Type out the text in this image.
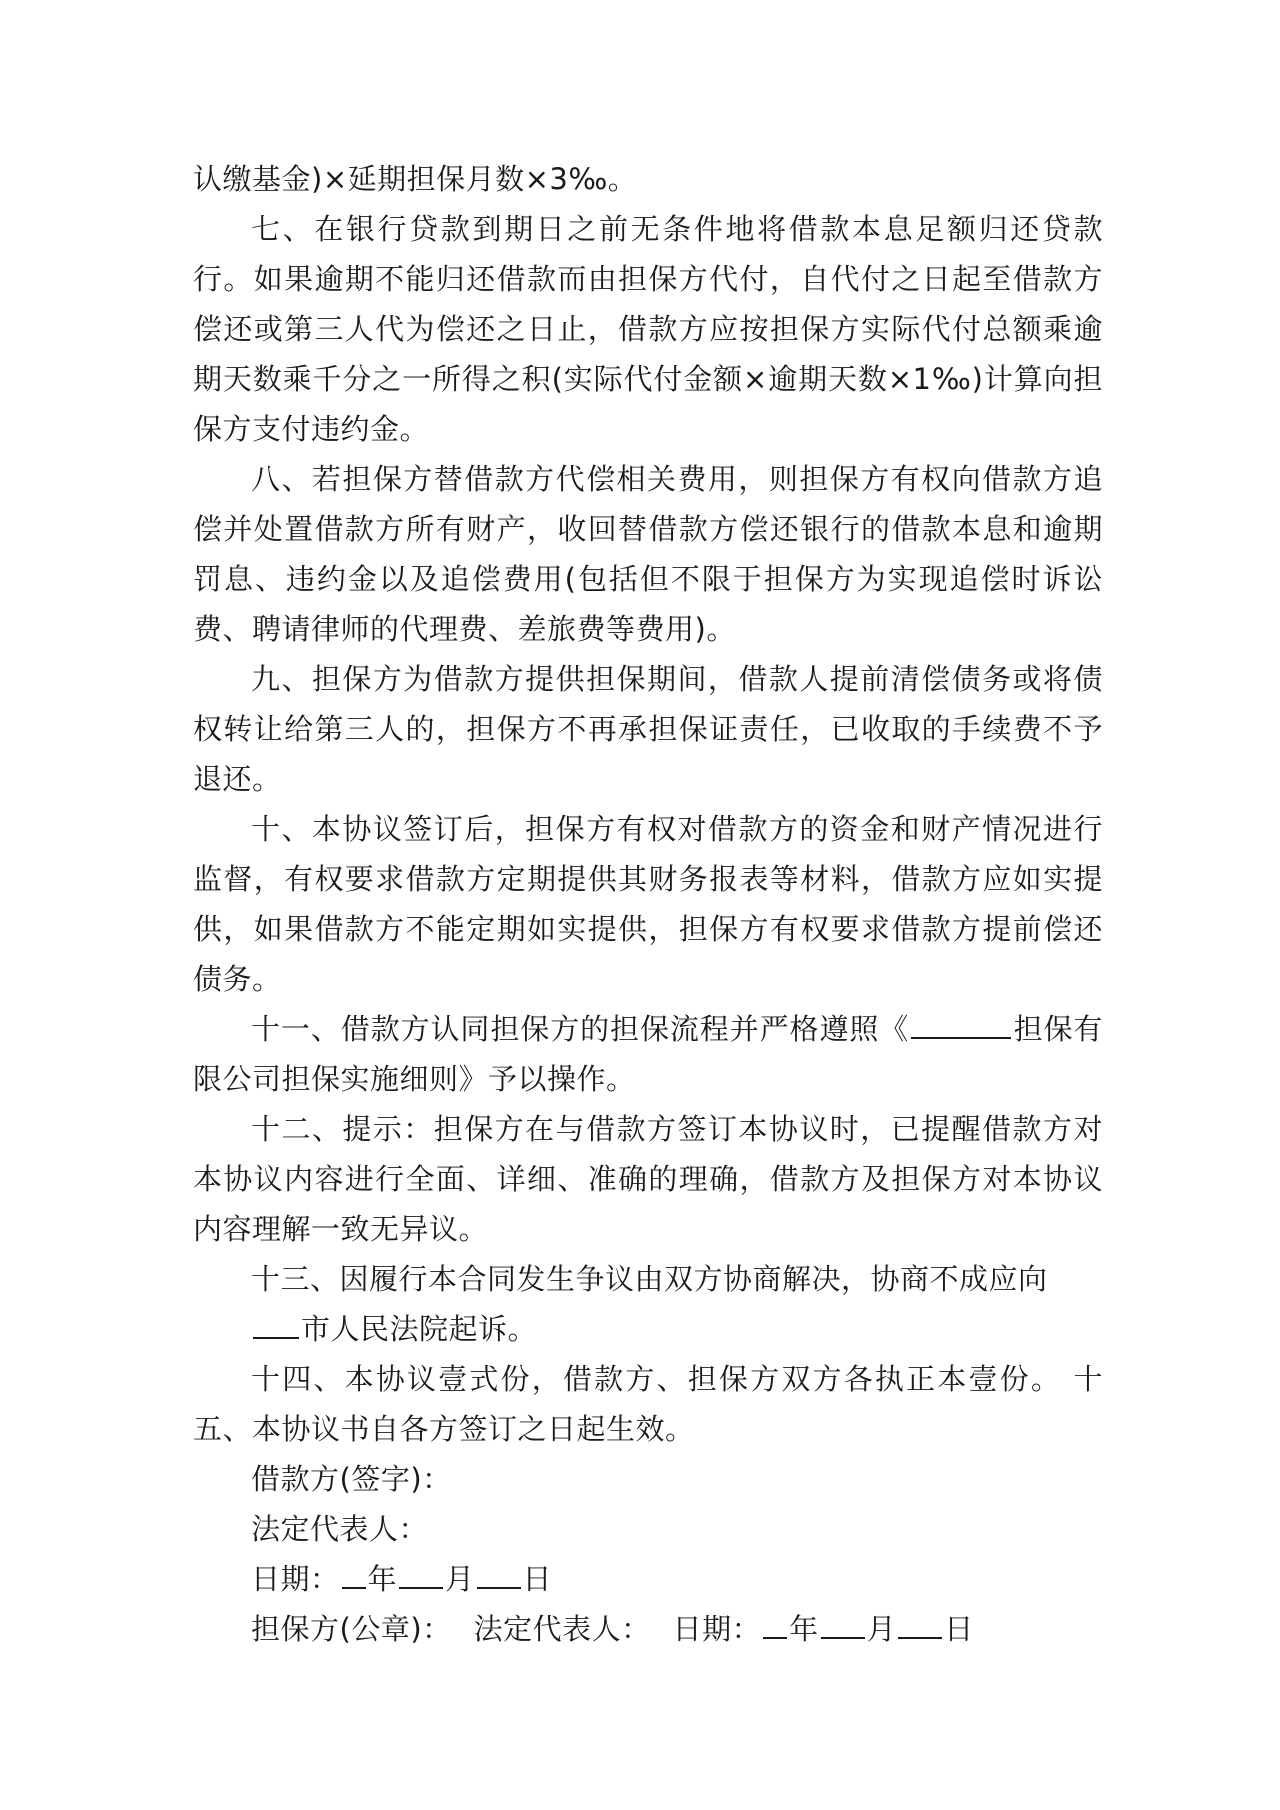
认缴基金)×延期担保月数×3‰。

七、在银行贷款到期日之前无条件地将借款本息足额归还贷款行。如果逾期不能归还借款而由担保方代付，自代付之日起至借款方偿还或第三人代为偿还之日止，借款方应按担保方实际代付总额乘逾期天数乘千分之一所得之积(实际代付金额×逾期天数×1‰)计算向担保方支付违约金。

八、若担保方替借款方代偿相关费用，则担保方有权向借款方追偿并处置借款方所有财产，收回替借款方偿还银行的借款本息和逾期罚息、违约金以及追偿费用(包括但不限于担保方为实现追偿时诉讼费、聘请律师的代理费、差旅费等费用)。

九、担保方为借款方提供担保期间，借款人提前清偿债务或将债权转让给第三人的，担保方不再承担保证责任，已收取的手续费不予退还。

十、本协议签订后，担保方有权对借款方的资金和财产情况进行监督，有权要求借款方定期提供其财务报表等材料，借款方应如实提供，如果借款方不能定期如实提供，担保方有权要求借款方提前偿还债务。

十一、借款方认同担保方的担保流程并严格遵照《	担保有限公司担保实施细则》予以操作。

十二、提示：担保方在与借款方签订本协议时，已提醒借款方对本协议内容进行全面、详细、准确的理确，借款方及担保方对本协议内容理解一致无异议。

十三、因履行本合同发生争议由双方协商解决，协商不成应向

市人民法院起诉。

十四、本协议壹式份，借款方、担保方双方各执正本壹份。 十五、本协议书自各方签订之日起生效。

借款方(签字)：

法定代表人：

日期： 年 月 日

担保方(公章)： 法定代表人： 日期： 年 月 日
